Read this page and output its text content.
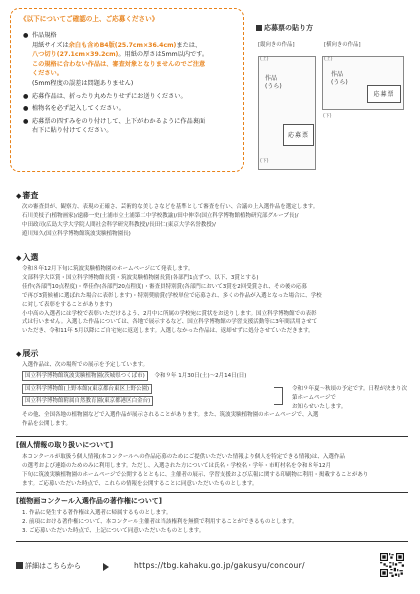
《以下についてご確認の上、ご応募ください》
● 作品規格
用紙サイズは余白も含めB4版(25.7cm×36.4cm)または、
八つ切り(27.1cm×39.2cm)。用紙の厚さは5mm以内です。
この規格に合わない作品は、審査対象となりませんのでご注意
ください。
(5mm程度の誤差は問題ありません)
● 応募作品は、折ったり丸めたりせずにお送りください。
● 植物名を必ず記入してください。
● 応募票の四すみをのり付けして、上下がわかるように作品裏面
右下に貼り付けてください。
応募票の貼り方
[縦向きの作品]
(上)
作品
(うら)
応募票
(下)
[横向きの作品]
(上)
作品
(うら)
応募票
(下)
◆審査

次の審査員が、観察力、表現の正確さ、芸術的な美しさなどを基準として審査を行い、合議の上入選作品を選定します。

石川美枝子(植物画家)/遠藤一史(土浦市立土浦第二中学校教諭)/田中伸幸(国立科学博物館植物研究部グループ長)/

中田政司(広島大学大学院人間社会科学研究科教授)/長田仁(東京大学名誉教授)/

遊川知久(国立科学博物館筑波実験植物園長)

◆入選

令和８年12月下旬に筑波実験植物園のホームページにて発表します。

文部科学大臣賞・国立科学博物館長賞・筑波実験植物園長賞(各部門1点ずつ、以下、3賞とする)

佳作(各部門10点程度)・準佳作(各部門20点程度)・審査員特別賞(各部門において3賞を2回受賞され、その後の応募

で再び3賞候補に選ばれた場合に表彰します)・特別奨励賞(学校単位で応募され、多くの作品が入選となった場合に、学校

に対して表彰をすることがあります)

小中高の入選者には学校で表彰いただけるよう、2月中に所属の学校宛に賞状をお送りします。国立科学博物館での表彰

式は行いません。入選した作品については、各地で展示するなど、国立科学博物館の学習支援活動等に3年間活用させて

いただき、令和11年 5月以降にご自宅宛に返送します。入選しなかった作品は、返却せずに処分させていただきます。

◆展示
入選作品は、次の場所での展示を予定しています。
国立科学博物館筑波実験植物園(茨城県つくば市) 令和９年 1月30日(土)〜2月14日(日)
国立科学博物館(上野本館)(東京都台東区上野公園)
国立科学博物館附属自然教育園(東京都港区白金台)
令和９年夏〜秋頃の予定です。日程が決まり次第ホームページで
お知らせいたします。

その他、全国各地の植物園などで入選作品が展示されることがあります。また、筑波実験植物園のホームページで、入選

作品を公開します。

[個人情報の取り扱いについて]

本コンクールが取扱う個人情報(本コンクールへの作品応募のためにご提供いただいた情報より個人を特定できる情報)は、入選作品

の選考および連絡のためのみに利用します。ただし、入選された方については氏名・学校名・学年・市町村名を令和８年12月

下旬に筑波実験植物園のホームページで公開するとともに、主催者の展示、学習支援および広報に関する印刷物に利用・掲載することがあり

ます。ご応募いただいた時点で、これらの情報を公開することに同意いただいたものとします。

[植物画コンクール入選作品の著作権について]

1. 作品に発生する著作権は入選者に帰属するものとします。

2. 前項における著作権について、本コンクール主催者は当該権利を無償で利用することができるものとします。

3. ご応募いただいた時点で、上記について同意いただいたものとします。

詳細はこちらから	https://tbg.kahaku.go.jp/gakusyu/concour/
